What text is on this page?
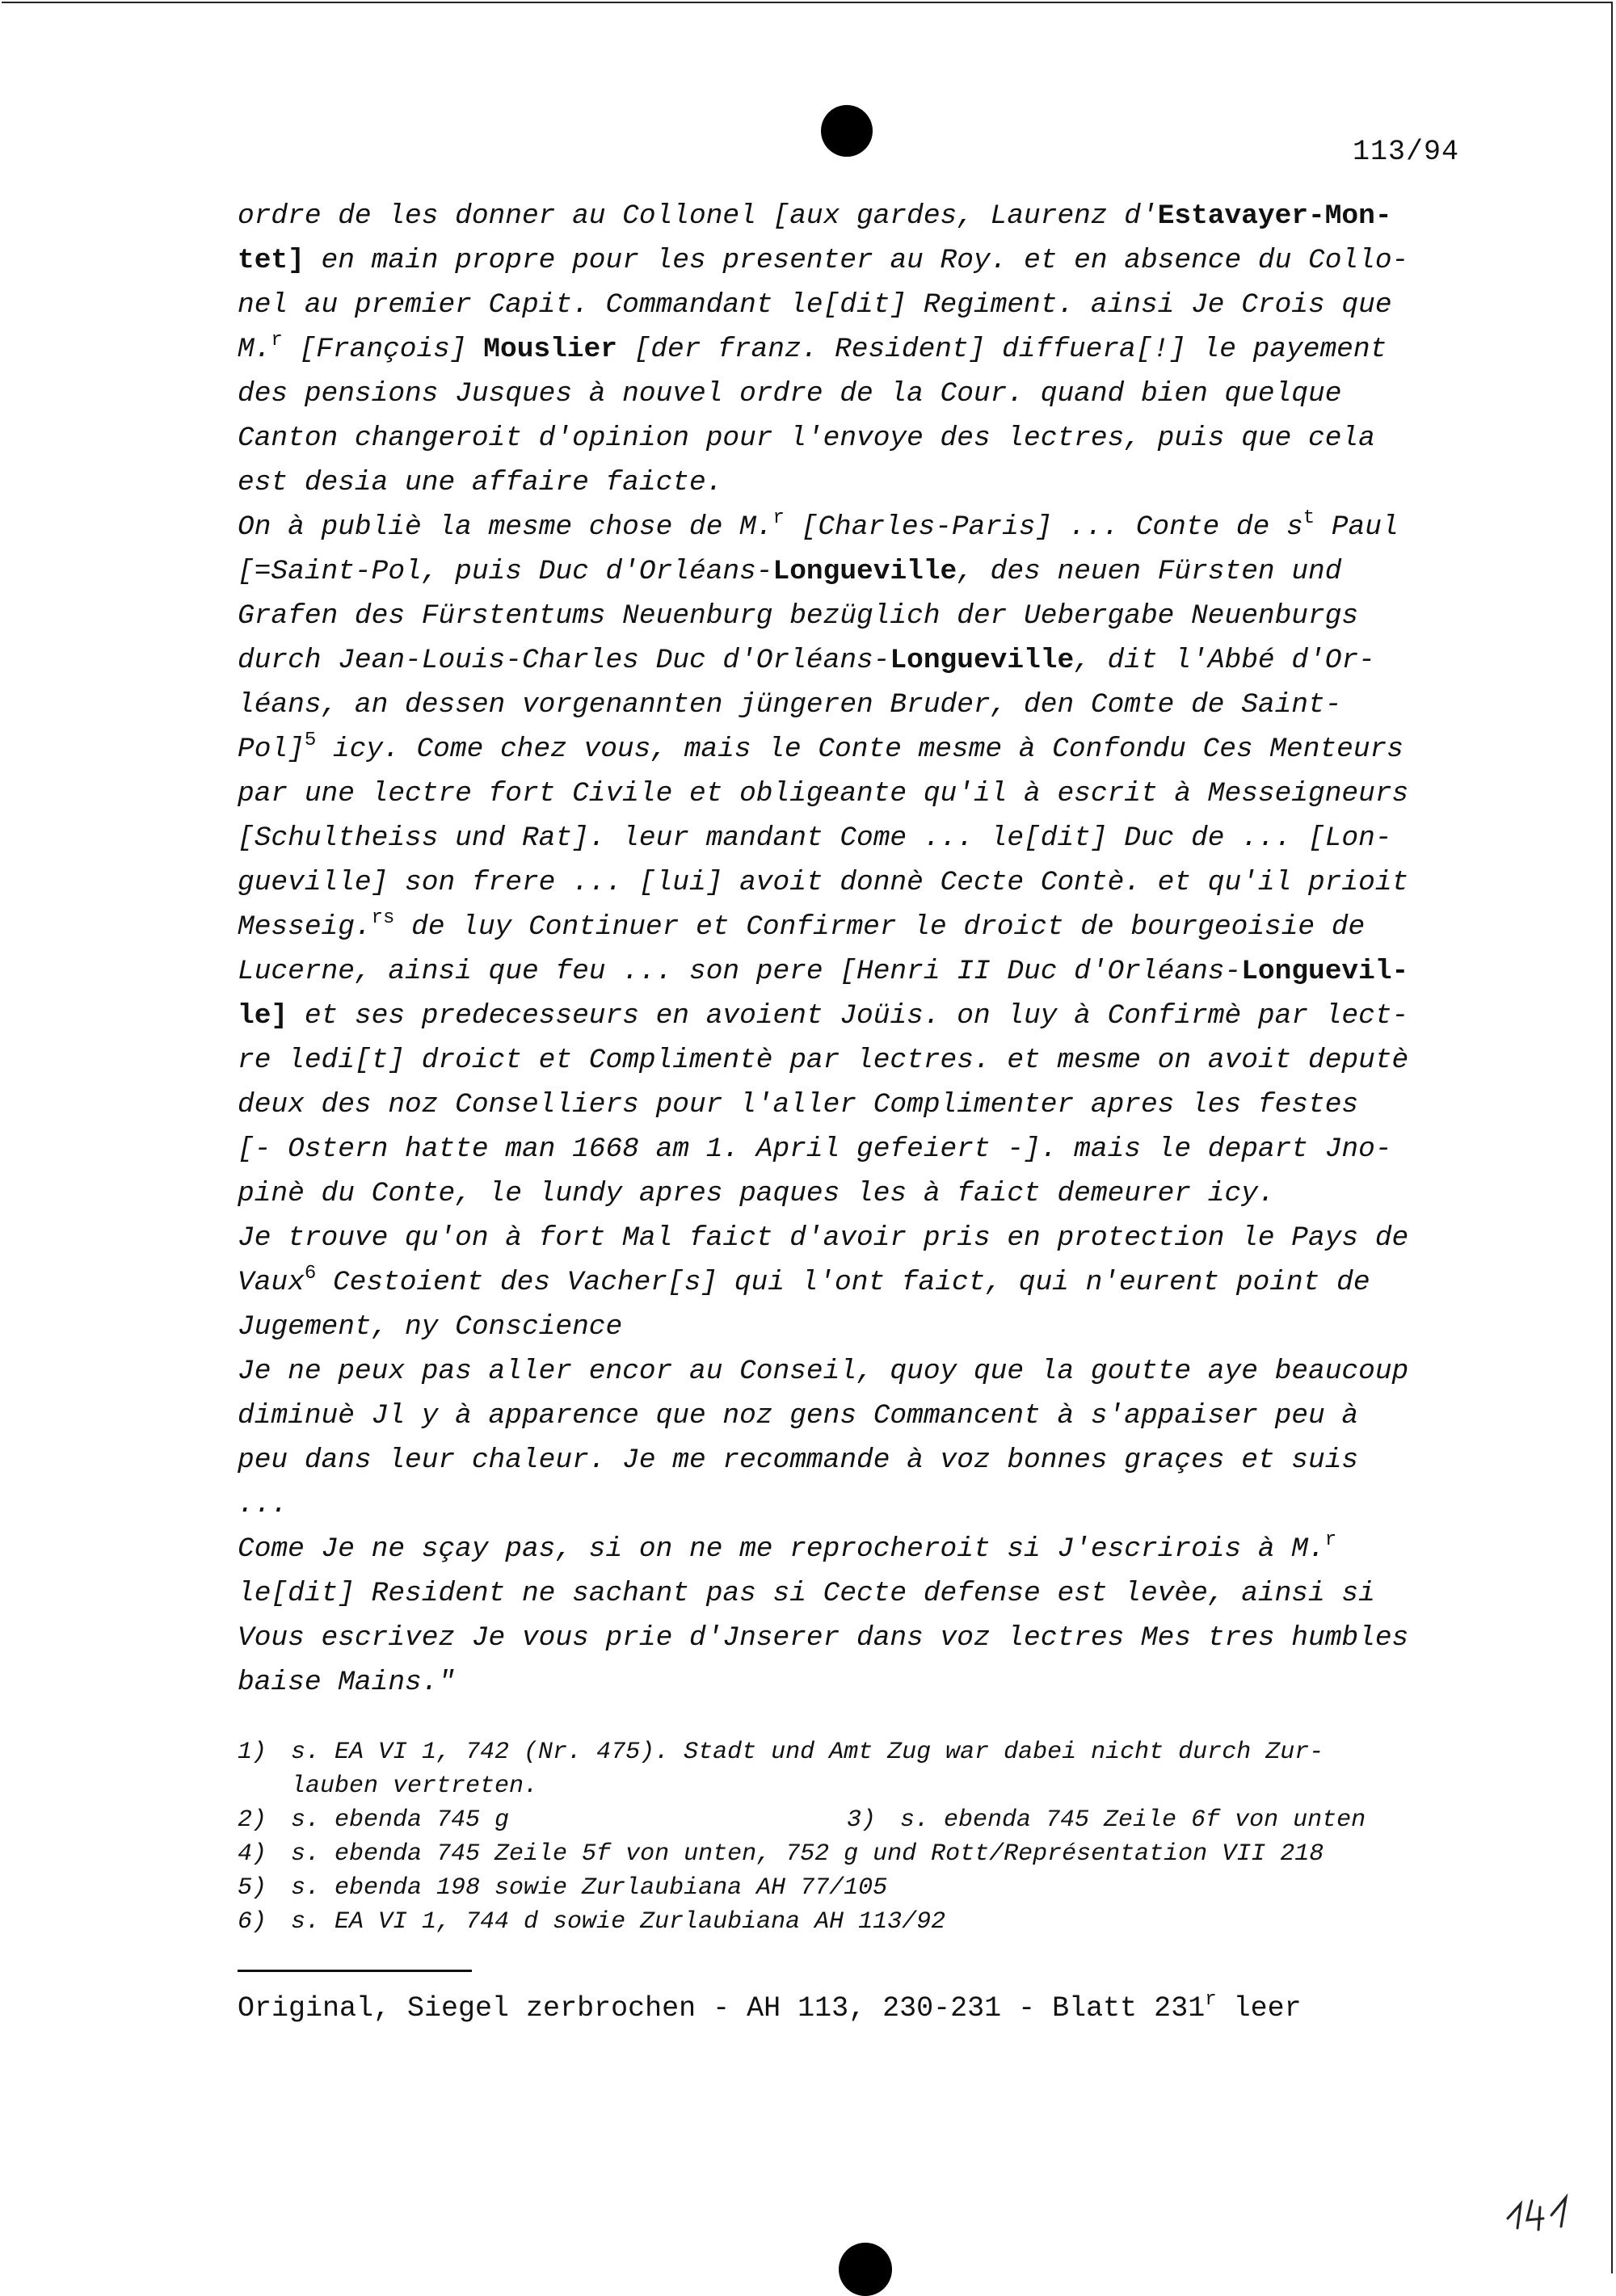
113/94
ordre de les donner au Collonel [aux gardes, Laurenz d'Estavayer-Mon-
tet] en main propre pour les presenter au Roy. et en absence du Collo-
nel au premier Capit. Commandant le[dit] Regiment. ainsi Je Crois que
M.$^r$ [François] Mouslier [der franz. Resident] diffuera[!] le payement
des pensions Jusques à nouvel ordre de la Cour. quand bien quelque
Canton changeroit d'opinion pour l'envoye des lectres, puis que cela
est desia une affaire faicte.
On à publiè la mesme chose de M.$^r$ [Charles-Paris] ... Conte de $s^t$ Paul
[=Saint-Pol, puis Duc d'Orléans-Longueville, des neuen Fürsten und
Grafen des Fürstentums Neuenburg bezüglich der Uebergabe Neuenburgs
durch Jean-Louis-Charles Duc d'Orléans-Longueville, dit l'Abbé d'Or-
léans, an dessen vorgenannten jüngeren Bruder, den Comte de Saint-
Pol]$^5$ icy. Come chez vous, mais le Conte mesme à Confondu Ces Menteurs
par une lectre fort Civile et obligeante qu'il à escrit à Messeigneurs
[Schultheiss und Rat]. leur mandant Come ... le[dit] Duc de ... [Lon-
gueville] son frere ... [lui] avoit donnè Cecte Contè. et qu'il prioit
Messeig.$^{rs}$ de luy Continuer et Confirmer le droict de bourgeoisie de
Lucerne, ainsi que feu ... son pere [Henri II Duc d'Orléans-Longuevil-
le] et ses predecesseurs en avoient Joüis. on luy à Confirmè par lect-
re ledi[t] droict et Complimentè par lectres. et mesme on avoit deputè
deux des noz Conselliers pour l'aller Complimenter apres les festes
[- Ostern hatte man 1668 am 1. April gefeiert -]. mais le depart Jno-
pinè du Conte, le lundy apres paques les à faict demeurer icy.
Je trouve qu'on à fort Mal faict d'avoir pris en protection le Pays de
Vaux$^6$ Cestoient des Vacher[s] qui l'ont faict, qui n'eurent point de
Jugement, ny Conscience
Je ne peux pas aller encor au Conseil, quoy que la goutte aye beaucoup
diminuè Jl y à apparence que noz gens Commancent à s'appaiser peu à
peu dans leur chaleur. Je me recommande à voz bonnes graçes et suis
...
Come Je ne sçay pas, si on ne me reprocheroit si J'escrirois à M.$^r$
le[dit] Resident ne sachant pas si Cecte defense est levèe, ainsi si
Vous escrivez Je vous prie d'Jnserer dans voz lectres Mes tres humbles
baise Mains."
1) s. EA VI 1, 742 (Nr. 475). Stadt und Amt Zug war dabei nicht durch Zur-
lauben vertreten.
2) s. ebenda 745 g	3) s. ebenda 745 Zeile 6f von unten
4) s. ebenda 745 Zeile 5f von unten, 752 g und Rott/Représentation VII 218
5) s. ebenda 198 sowie Zurlaubiana AH 77/105
6) s. EA VI 1, 744 d sowie Zurlaubiana AH 113/92
Original, Siegel zerbrochen - AH 113, 230-231 - Blatt 231$^r$ leer
